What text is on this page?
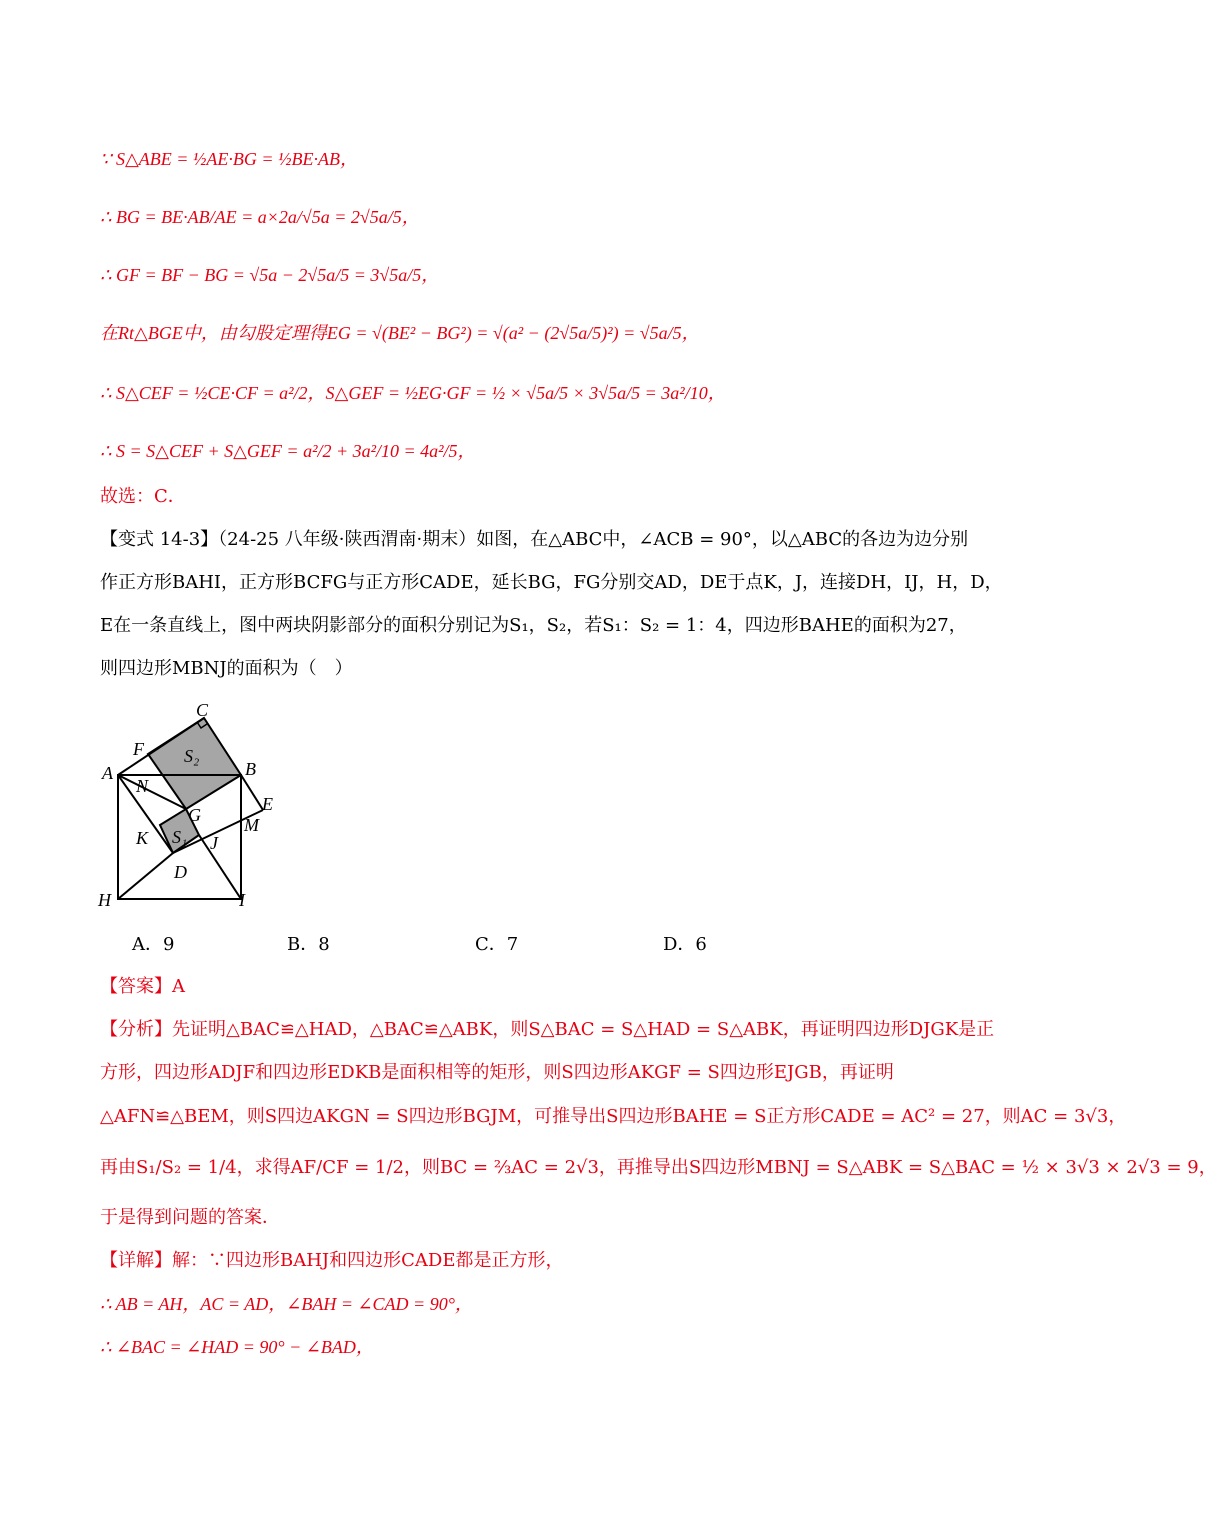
∵ S△ABE = ½AE·BG = ½BE·AB，
∴ BG = BE·AB/AE = a×2a/√5a = 2√5a/5，
∴ GF = BF − BG = √5a − 2√5a/5 = 3√5a/5，
在Rt△BGE中，由勾股定理得EG = √(BE² − BG²) = √(a² − (2√5a/5)²) = √5a/5，
∴ S△CEF = ½CE·CF = a²/2，S△GEF = ½EG·GF = ½ × √5a/5 × 3√5a/5 = 3a²/10，
∴ S = S△CEF + S△GEF = a²/2 + 3a²/10 = 4a²/5，
故选：C．
【变式 14-3】（24-25 八年级·陕西渭南·期末）如图，在△ABC中，∠ACB = 90°，以△ABC的各边为边分别
作正方形BAHI，正方形BCFG与正方形CADE，延长BG，FG分别交AD，DE于点K，J，连接DH，IJ，H，D，
E在一条直线上，图中两块阴影部分的面积分别记为S₁，S₂，若S₁：S₂ = 1：4，四边形BAHE的面积为27，
则四边形MBNJ的面积为（　）
C
F S₂
A	B
N
G
E
M
K S₁ J
D
H	I
A．9	B．8	C．7	D．6
【答案】A
【分析】先证明△BAC≌△HAD，△BAC≌△ABK，则S△BAC = S△HAD = S△ABK，再证明四边形DJGK是正
方形，四边形ADJF和四边形EDKB是面积相等的矩形，则S四边形AKGF = S四边形EJGB，再证明
△AFN≌△BEM，则S四边AKGN = S四边形BGJM，可推导出S四边形BAHE = S正方形CADE = AC² = 27，则AC = 3√3，
再由S₁/S₂ = 1/4，求得AF/CF = 1/2，则BC = ⅔AC = 2√3，再推导出S四边形MBNJ = S△ABK = S△BAC = ½ × 3√3 × 2√3 = 9，
于是得到问题的答案．
【详解】解：∵四边形BAHJ和四边形CADE都是正方形，
∴ AB = AH，AC = AD，∠BAH = ∠CAD = 90°，
∴ ∠BAC = ∠HAD = 90° − ∠BAD，
